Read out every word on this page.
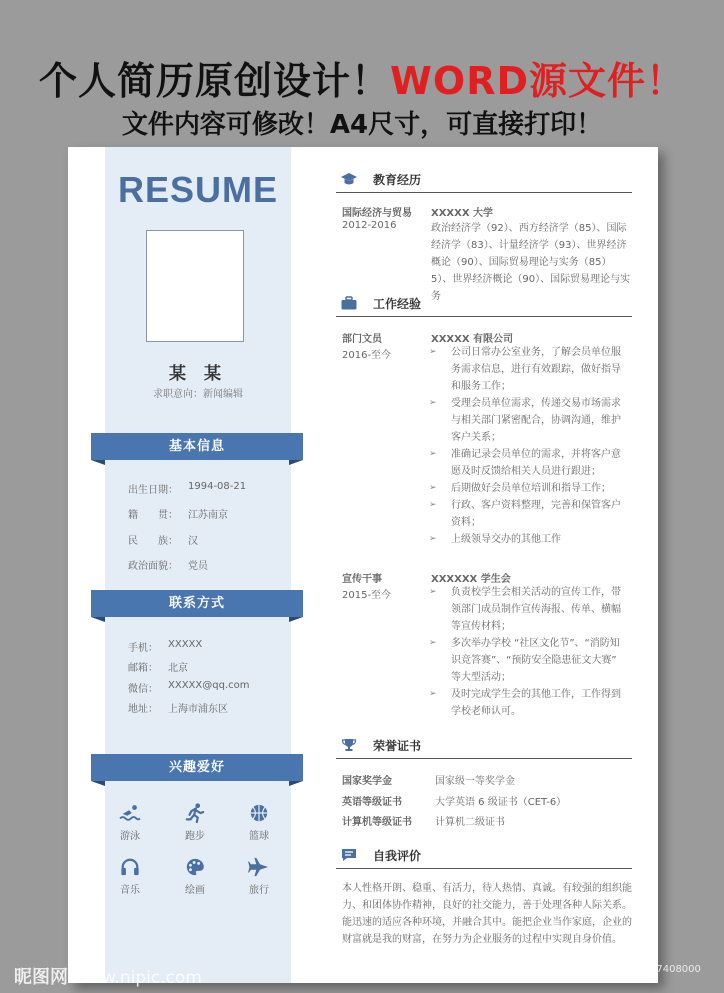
个人简历原创设计！WORD源文件！
文件内容可修改！A4尺寸，可直接打印！
RESUME
某 某
求职意向：新闻编辑
出生日期： 1994-08-21
籍　　贯： 江苏南京
民　　族： 汉
政治面貌： 党员
手机： XXXXX
邮箱： 北京
微信： XXXXX@qq.com
地址： 上海市浦东区
游泳	跑步	篮球
音乐	绘画	旅行
基本信息
联系方式
兴趣爱好
教育经历
国际经济与贸易
2012-2016
XXXXX 大学
政治经济学（92）、西方经济学（85）、国际经济学（83）、计量经济学（93）、世界经济概论（90）、国际贸易理论与实务（85）5）、世界经济概论（90）、国际贸易理论与实务
工作经验
部门文员
2016-至今
XXXXX 有限公司
➢ 公司日常办公室业务，了解会员单位服务需求信息，进行有效跟踪，做好指导和服务工作；
➢ 受理会员单位需求，传递交易市场需求与相关部门紧密配合，协调沟通，维护客户关系；
➢ 准确记录会员单位的需求，并将客户意愿及时反馈给相关人员进行跟进；
➢ 后期做好会员单位培训和指导工作；
➢ 行政、客户资料整理，完善和保管客户资料；
➢ 上级领导交办的其他工作
宣传干事
2015-至今
XXXXXX 学生会
➢ 负责校学生会相关活动的宣传工作，带领部门成员制作宣传海报、传单、横幅等宣传材料；
➢ 多次举办学校 “社区文化节”、“消防知识竞答赛”、“预防安全隐患征文大赛” 等大型活动；
➢ 及时完成学生会的其他工作，工作得到学校老师认可。
荣誉证书
国家奖学金	国家级一等奖学金
英语等级证书	大学英语 6 级证书（CET-6）
计算机等级证书 计算机二级证书
自我评价
本人性格开朗、稳重、有活力，待人热情、真诚。有较强的组织能力、和团体协作精神，良好的社交能力，善于处理各种人际关系。能迅速的适应各种环境，并融合其中。能把企业当作家庭，企业的财富就是我的财富，在努力为企业服务的过程中实现自身价值。
昵图网 www.nipic.com	ID:23046502 NO:20200722140417408000
